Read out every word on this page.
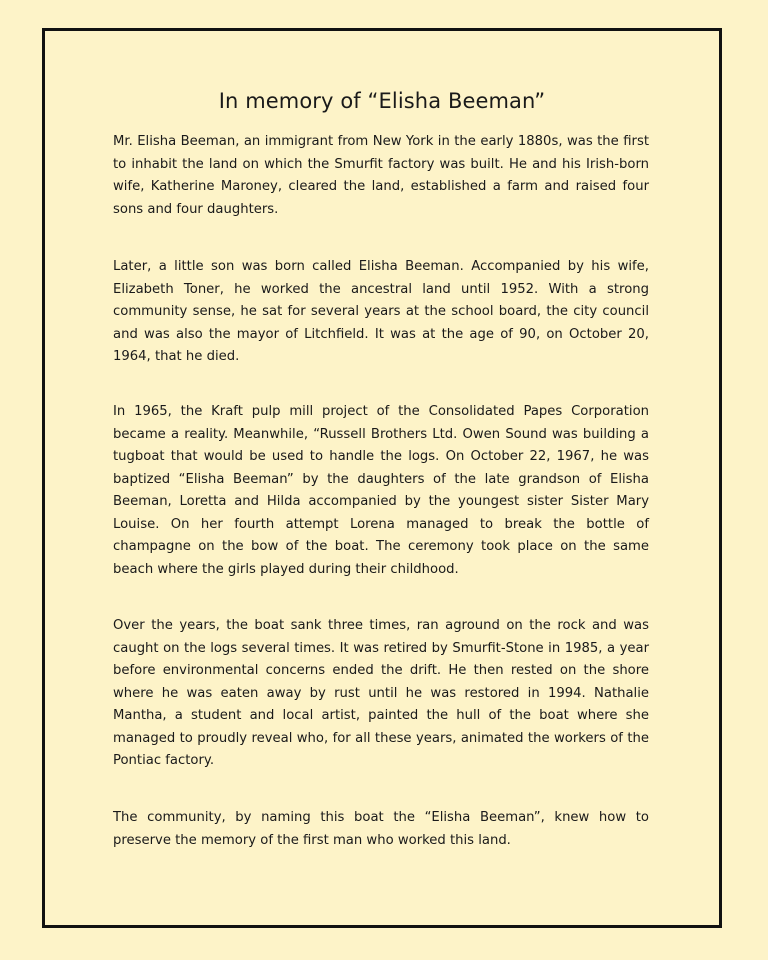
In memory of “Elisha Beeman”

Mr. Elisha Beeman, an immigrant from New York in the early 1880s, was the first to inhabit the land on which the Smurfit factory was built. He and his Irish-born wife, Katherine Maroney, cleared the land, established a farm and raised four sons and four daughters.

Later, a little son was born called Elisha Beeman. Accompanied by his wife, Elizabeth Toner, he worked the ancestral land until 1952. With a strong community sense, he sat for several years at the school board, the city council and was also the mayor of Litchfield. It was at the age of 90, on October 20, 1964, that he died.

In 1965, the Kraft pulp mill project of the Consolidated Papes Corporation became a reality. Meanwhile, “Russell Brothers Ltd. Owen Sound was building a tugboat that would be used to handle the logs. On October 22, 1967, he was baptized “Elisha Beeman” by the daughters of the late grandson of Elisha Beeman, Loretta and Hilda accompanied by the youngest sister Sister Mary Louise. On her fourth attempt Lorena managed to break the bottle of champagne on the bow of the boat. The ceremony took place on the same beach where the girls played during their childhood.

Over the years, the boat sank three times, ran aground on the rock and was caught on the logs several times. It was retired by Smurfit-Stone in 1985, a year before environmental concerns ended the drift. He then rested on the shore where he was eaten away by rust until he was restored in 1994. Nathalie Mantha, a student and local artist, painted the hull of the boat where she managed to proudly reveal who, for all these years, animated the workers of the Pontiac factory.

The community, by naming this boat the “Elisha Beeman”, knew how to preserve the memory of the first man who worked this land.
